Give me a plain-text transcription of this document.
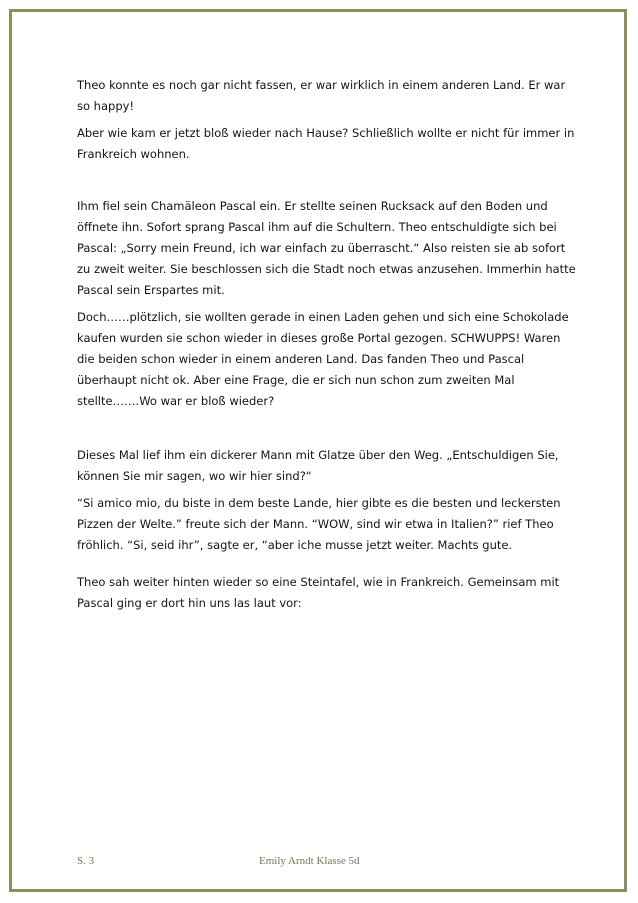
Theo konnte es noch gar nicht fassen, er war wirklich in einem anderen Land. Er war so happy!

Aber wie kam er jetzt bloß wieder nach Hause? Schließlich wollte er nicht für immer in Frankreich wohnen.

Ihm fiel sein Chamäleon Pascal ein. Er stellte seinen Rucksack auf den Boden und öffnete ihn. Sofort sprang Pascal ihm auf die Schultern. Theo entschuldigte sich bei Pascal: „Sorry mein Freund, ich war einfach zu überrascht.“ Also reisten sie ab sofort zu zweit weiter. Sie beschlossen sich die Stadt noch etwas anzusehen. Immerhin hatte Pascal sein Erspartes mit.

Doch……plötzlich, sie wollten gerade in einen Laden gehen und sich eine Schokolade kaufen wurden sie schon wieder in dieses große Portal gezogen. SCHWUPPS! Waren die beiden schon wieder in einem anderen Land. Das fanden Theo und Pascal überhaupt nicht ok. Aber eine Frage, die er sich nun schon zum zweiten Mal stellte…….Wo war er bloß wieder?

Dieses Mal lief ihm ein dickerer Mann mit Glatze über den Weg. „Entschuldigen Sie, können Sie mir sagen, wo wir hier sind?“

“Si amico mio, du biste in dem beste Lande, hier gibte es die besten und leckersten Pizzen der Welte.” freute sich der Mann. “WOW, sind wir etwa in Italien?” rief Theo fröhlich. “Si, seid ihr”, sagte er, “aber iche musse jetzt weiter. Machts gute.

Theo sah weiter hinten wieder so eine Steintafel, wie in Frankreich. Gemeinsam mit Pascal ging er dort hin uns las laut vor:

S. 3	Emily Arndt Klasse 5d
